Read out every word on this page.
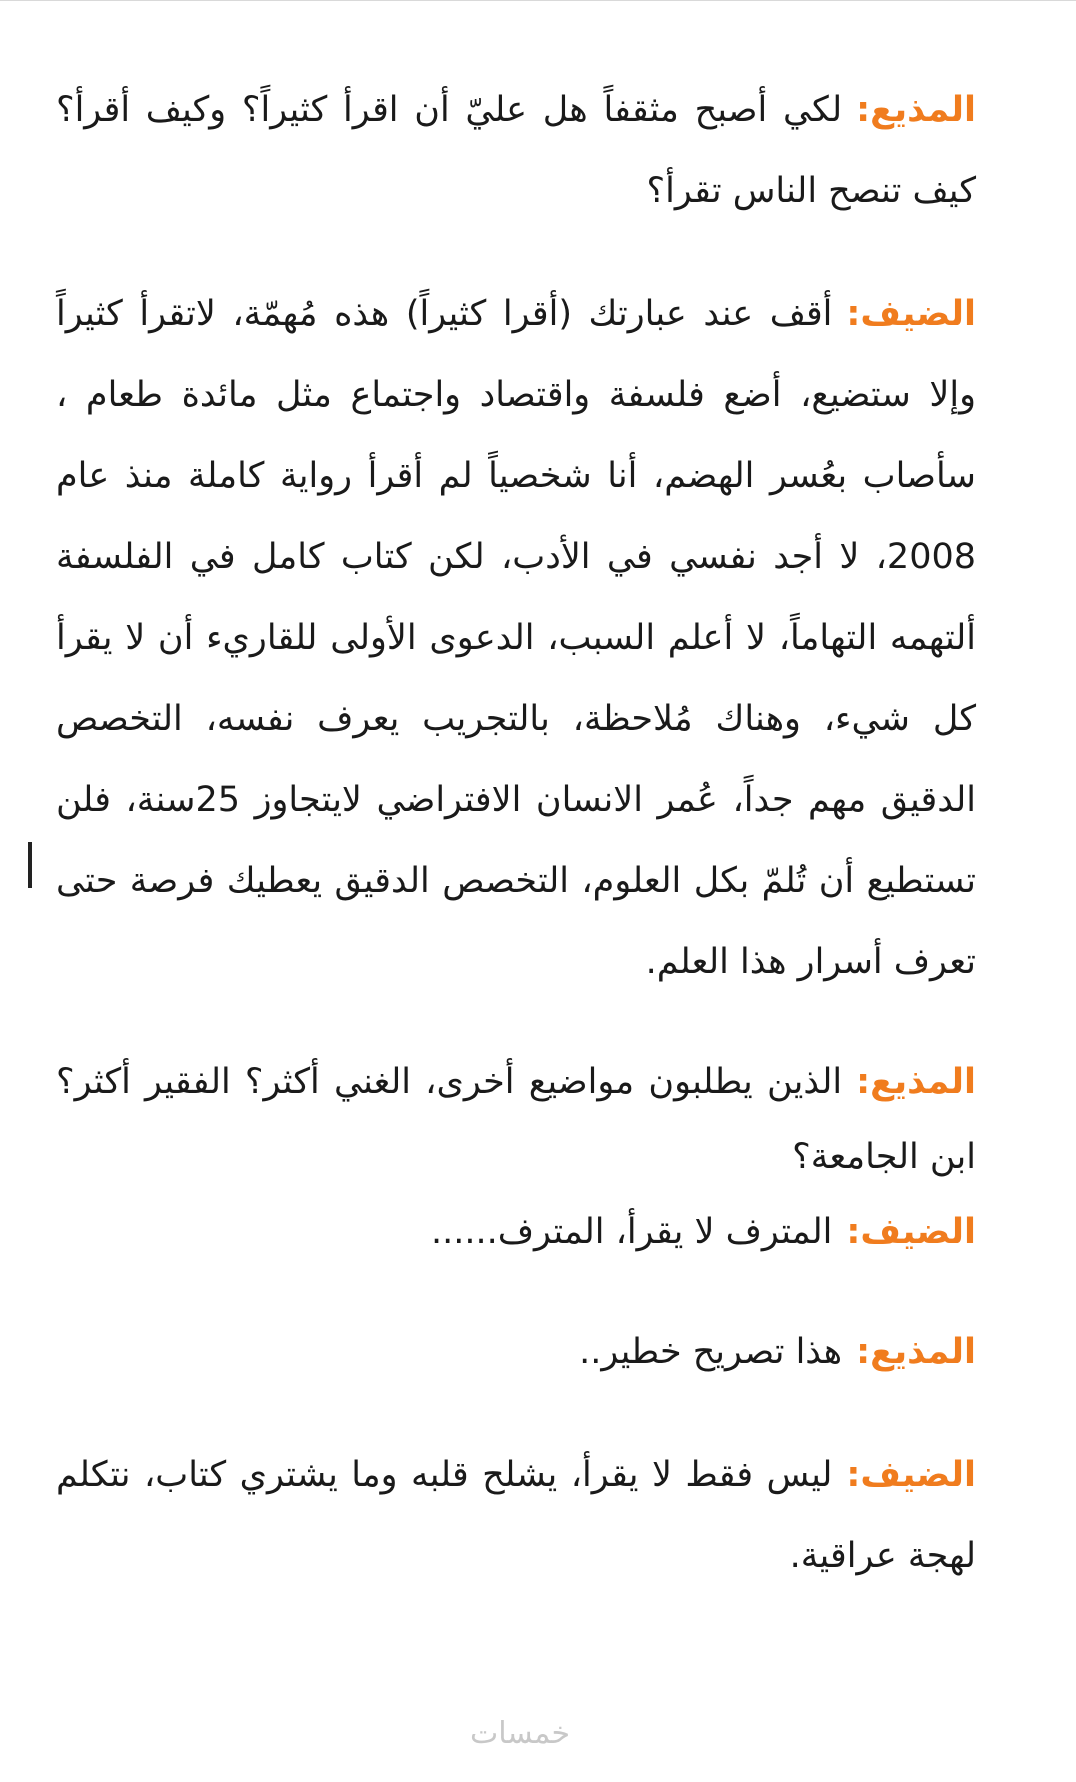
المذيع:لكي أصبح مثقفاً هل عليّ أن اقرأ كثيراً؟ وكيف أقرأ؟ كيف تنصح الناس تقرأ؟

الضيف:أقف عند عبارتك (أقرا كثيراً) هذه مُهمّة، لاتقرأ كثيراً وإلا ستضيع، أضع فلسفة واقتصاد واجتماع مثل مائدة طعام ، سأصاب بعُسر الهضم، أنا شخصياً لم أقرأ رواية كاملة منذ عام 2008، لا أجد نفسي في الأدب، لكن كتاب كامل في الفلسفة ألتهمه التهاماً، لا أعلم السبب، الدعوى الأولى للقاريء أن لا يقرأ كل شيء، وهناك مُلاحظة، بالتجريب يعرف نفسه، التخصص الدقيق مهم جداً، عُمر الانسان الافتراضي لايتجاوز 25سنة، فلن تستطيع أن تُلمّ بكل العلوم، التخصص الدقيق يعطيك فرصة حتى تعرف أسرار هذا العلم.

المذيع:الذين يطلبون مواضيع أخرى، الغني أكثر؟ الفقير أكثر؟ ابن الجامعة؟

الضيف:المترف لا يقرأ، المترف......

المذيع:هذا تصريح خطير..

الضيف:ليس فقط لا يقرأ، يشلح قلبه وما يشتري كتاب، نتكلم لهجة عراقية.

خمسات
